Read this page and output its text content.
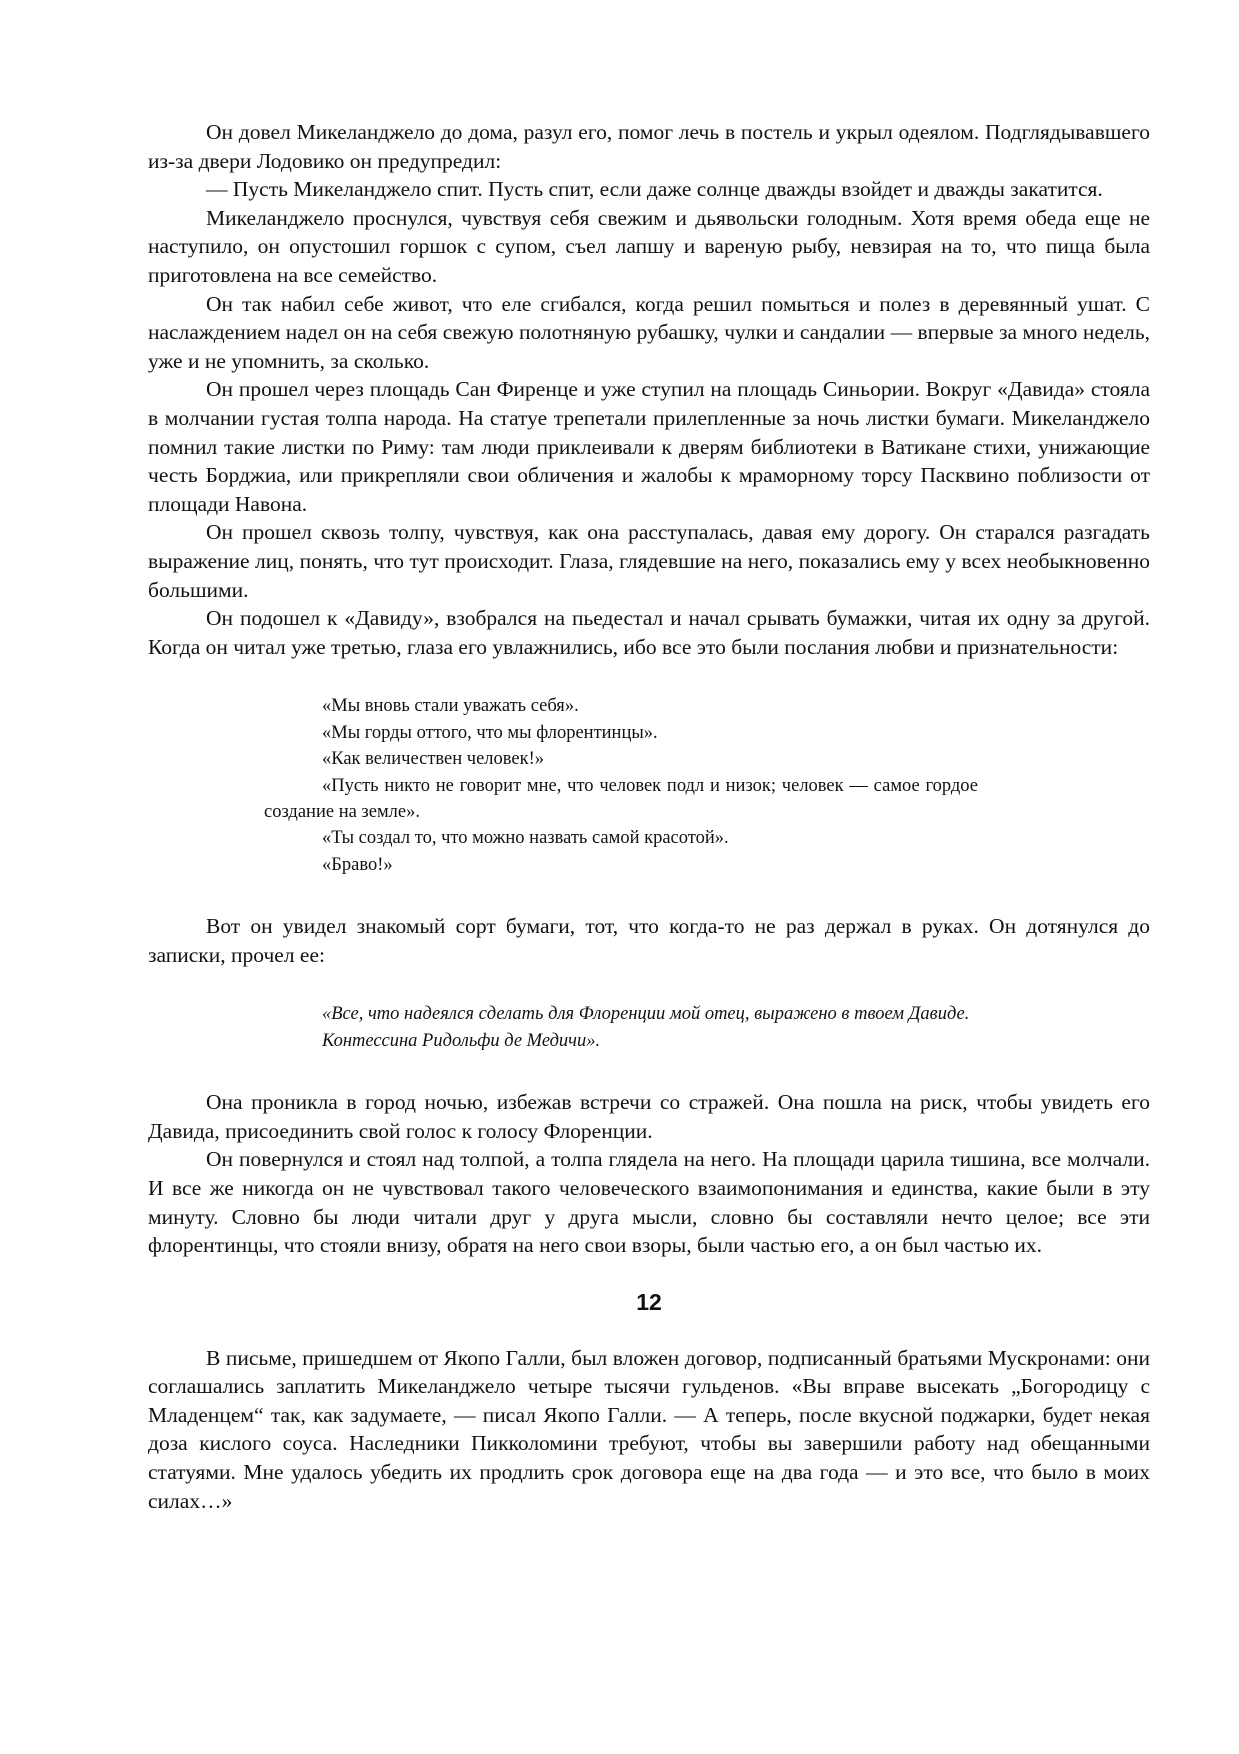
Он довел Микеланджело до дома, разул его, помог лечь в постель и укрыл одеялом. Подглядывавшего из-за двери Лодовико он предупредил:

— Пусть Микеланджело спит. Пусть спит, если даже солнце дважды взойдет и дважды закатится.

Микеланджело проснулся, чувствуя себя свежим и дьявольски голодным. Хотя время обеда еще не наступило, он опустошил горшок с супом, съел лапшу и вареную рыбу, невзирая на то, что пища была приготовлена на все семейство.

Он так набил себе живот, что еле сгибался, когда решил помыться и полез в деревянный ушат. С наслаждением надел он на себя свежую полотняную рубашку, чулки и сандалии — впервые за много недель, уже и не упомнить, за сколько.

Он прошел через площадь Сан Фиренце и уже ступил на площадь Синьории. Вокруг «Давида» стояла в молчании густая толпа народа. На статуе трепетали прилепленные за ночь листки бумаги. Микеланджело помнил такие листки по Риму: там люди приклеивали к дверям библиотеки в Ватикане стихи, унижающие честь Борджиа, или прикрепляли свои обличения и жалобы к мраморному торсу Пасквино поблизости от площади Навона.

Он прошел сквозь толпу, чувствуя, как она расступалась, давая ему дорогу. Он старался разгадать выражение лиц, понять, что тут происходит. Глаза, глядевшие на него, показались ему у всех необыкновенно большими.

Он подошел к «Давиду», взобрался на пьедестал и начал срывать бумажки, читая их одну за другой. Когда он читал уже третью, глаза его увлажнились, ибо все это были послания любви и признательности:

«Мы вновь стали уважать себя».

«Мы горды оттого, что мы флорентинцы».

«Как величествен человек!»

«Пусть никто не говорит мне, что человек подл и низок; человек — самое гордое создание на земле».

«Ты создал то, что можно назвать самой красотой».

«Браво!»

Вот он увидел знакомый сорт бумаги, тот, что когда-то не раз держал в руках. Он дотянулся до записки, прочел ее:

«Все, что надеялся сделать для Флоренции мой отец, выражено в твоем Давиде.

Контессина Ридольфи де Медичи».

Она проникла в город ночью, избежав встречи со стражей. Она пошла на риск, чтобы увидеть его Давида, присоединить свой голос к голосу Флоренции.

Он повернулся и стоял над толпой, а толпа глядела на него. На площади царила тишина, все молчали. И все же никогда он не чувствовал такого человеческого взаимопонимания и единства, какие были в эту минуту. Словно бы люди читали друг у друга мысли, словно бы составляли нечто целое; все эти флорентинцы, что стояли внизу, обратя на него свои взоры, были частью его, а он был частью их.

12

В письме, пришедшем от Якопо Галли, был вложен договор, подписанный братьями Мускронами: они соглашались заплатить Микеланджело четыре тысячи гульденов. «Вы вправе высекать „Богородицу с Младенцем“ так, как задумаете, — писал Якопо Галли. — А теперь, после вкусной поджарки, будет некая доза кислого соуса. Наследники Пикколомини требуют, чтобы вы завершили работу над обещанными статуями. Мне удалось убедить их продлить срок договора еще на два года — и это все, что было в моих силах…»
